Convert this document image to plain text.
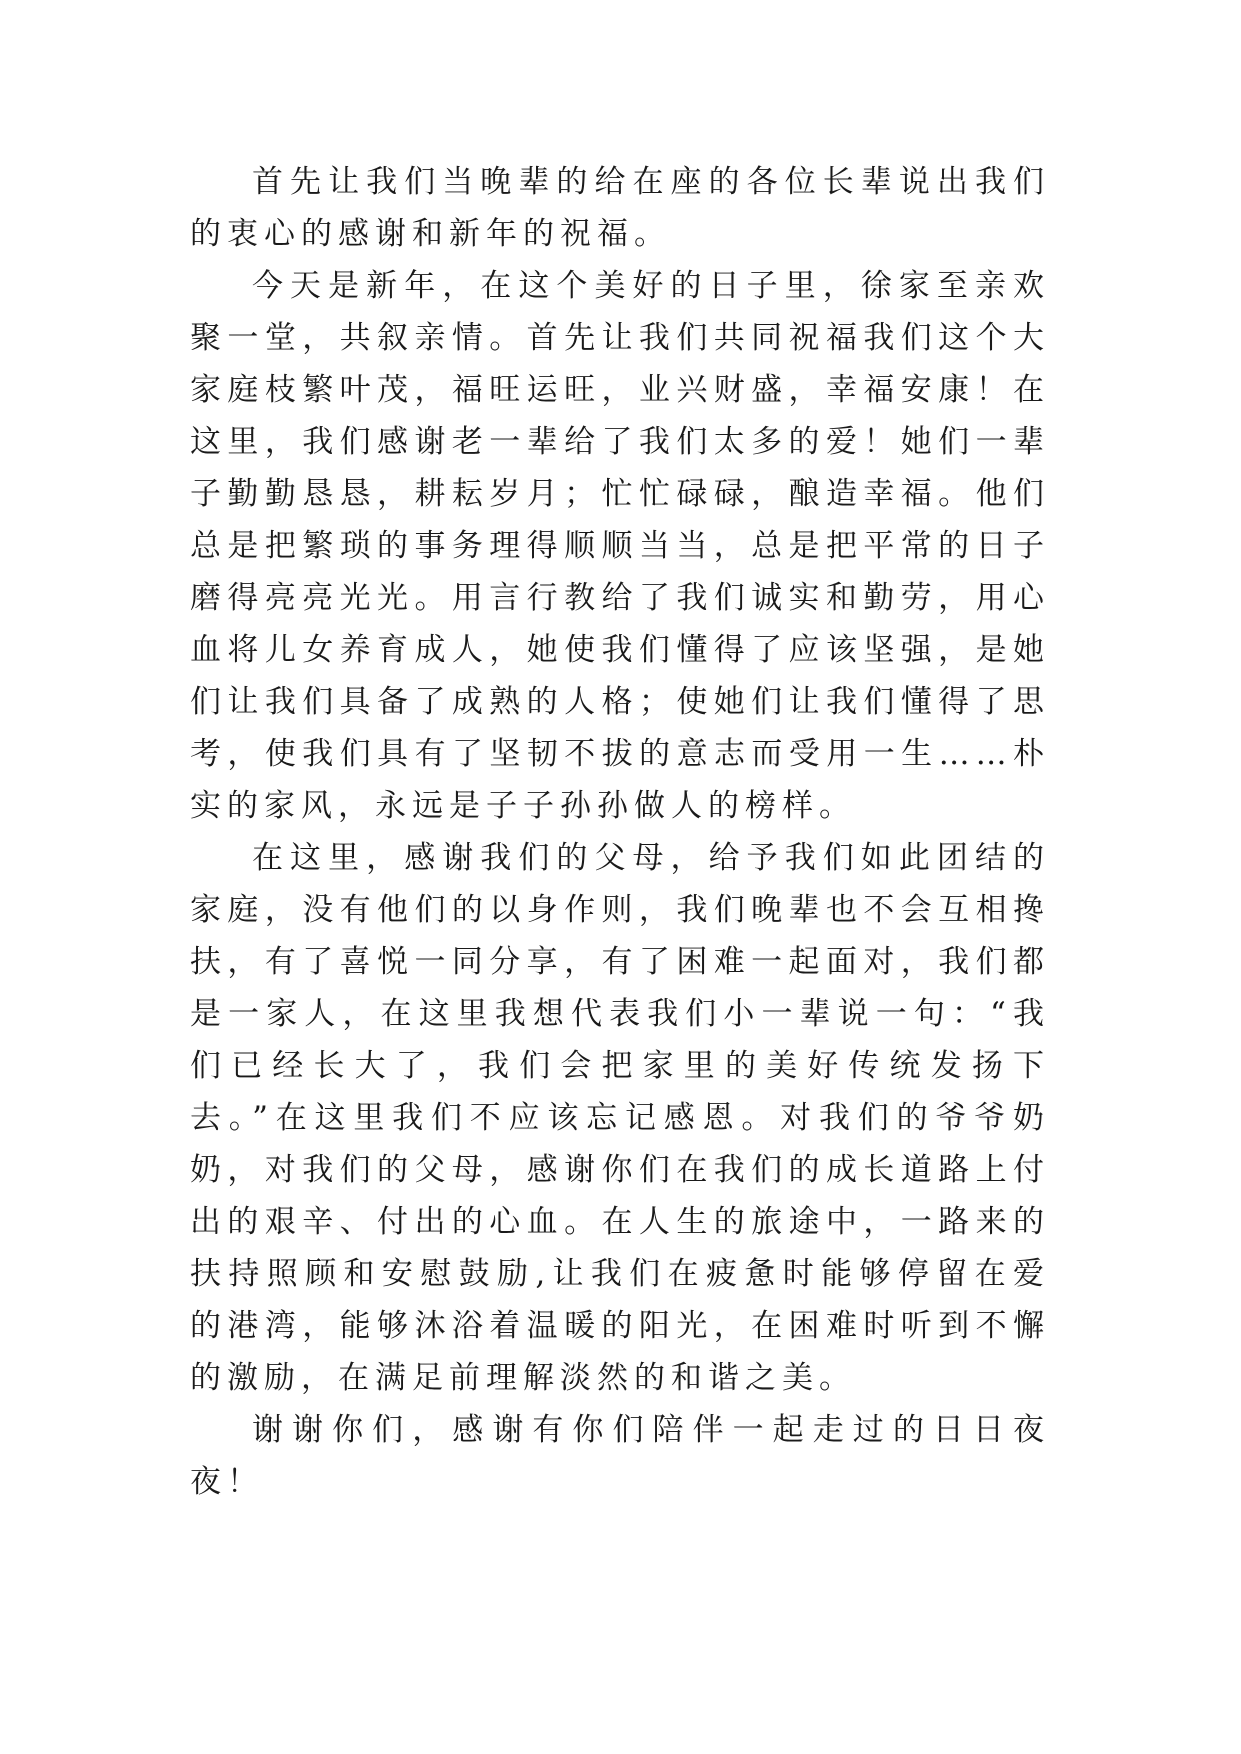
首先让我们当晚辈的给在座的各位长辈说出我们的衷心的感谢和新年的祝福。

今天是新年，在这个美好的日子里，徐家至亲欢聚一堂，共叙亲情。首先让我们共同祝福我们这个大家庭枝繁叶茂，福旺运旺，业兴财盛，幸福安康！在这里，我们感谢老一辈给了我们太多的爱！她们一辈子勤勤恳恳，耕耘岁月；忙忙碌碌，酿造幸福。他们总是把繁琐的事务理得顺顺当当，总是把平常的日子磨得亮亮光光。用言行教给了我们诚实和勤劳，用心血将儿女养育成人，她使我们懂得了应该坚强，是她们让我们具备了成熟的人格；使她们让我们懂得了思考，使我们具有了坚韧不拔的意志而受用一生……朴实的家风，永远是子子孙孙做人的榜样。

在这里，感谢我们的父母，给予我们如此团结的家庭，没有他们的以身作则，我们晚辈也不会互相搀扶，有了喜悦一同分享，有了困难一起面对，我们都是一家人，在这里我想代表我们小一辈说一句：“我们已经长大了，我们会把家里的美好传统发扬下去。”在这里我们不应该忘记感恩。对我们的爷爷奶奶，对我们的父母，感谢你们在我们的成长道路上付出的艰辛、付出的心血。在人生的旅途中，一路来的扶持照顾和安慰鼓励,让我们在疲惫时能够停留在爱的港湾，能够沐浴着温暖的阳光，在困难时听到不懈的激励，在满足前理解淡然的和谐之美。

谢谢你们，感谢有你们陪伴一起走过的日日夜夜！
